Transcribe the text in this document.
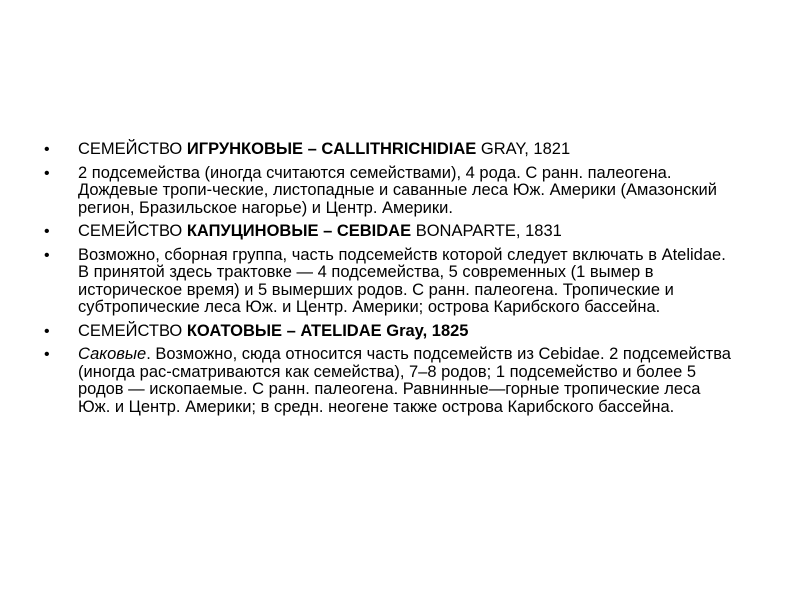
• СЕМЕЙСТВО ИГРУНКОВЫЕ – CALLITHRICHIDIAE GRAY, 1821
• 2 подсемейства (иногда считаются семействами), 4 рода. С ранн. палеогена. Дождевые тропи-ческие, листопадные и саванные леса Юж. Америки (Амазонский регион, Бразильское нагорье) и Центр. Америки.
• СЕМЕЙСТВО КАПУЦИНОВЫЕ – CEBIDAE BONAPARTE, 1831
• Возможно, сборная группа, часть подсемейств которой следует включать в Atelidae. В принятой здесь трактовке — 4 подсемейства, 5 современных (1 вымер в историческое время) и 5 вымерших родов. С ранн. палеогена. Тропические и субтропические леса Юж. и Центр. Америки; острова Карибского бассейна.
• СЕМЕЙСТВО КОАТОВЫЕ – ATELIDAE Gray, 1825
• Саковые. Возможно, сюда относится часть подсемейств из Cebidae. 2 подсемейства (иногда рас-сматриваются как семейства), 7–8 родов; 1 подсемейство и более 5 родов — ископаемые. С ранн. палеогена. Равнинные—горные тропические леса Юж. и Центр. Америки; в средн. неогене также острова Карибского бассейна.
